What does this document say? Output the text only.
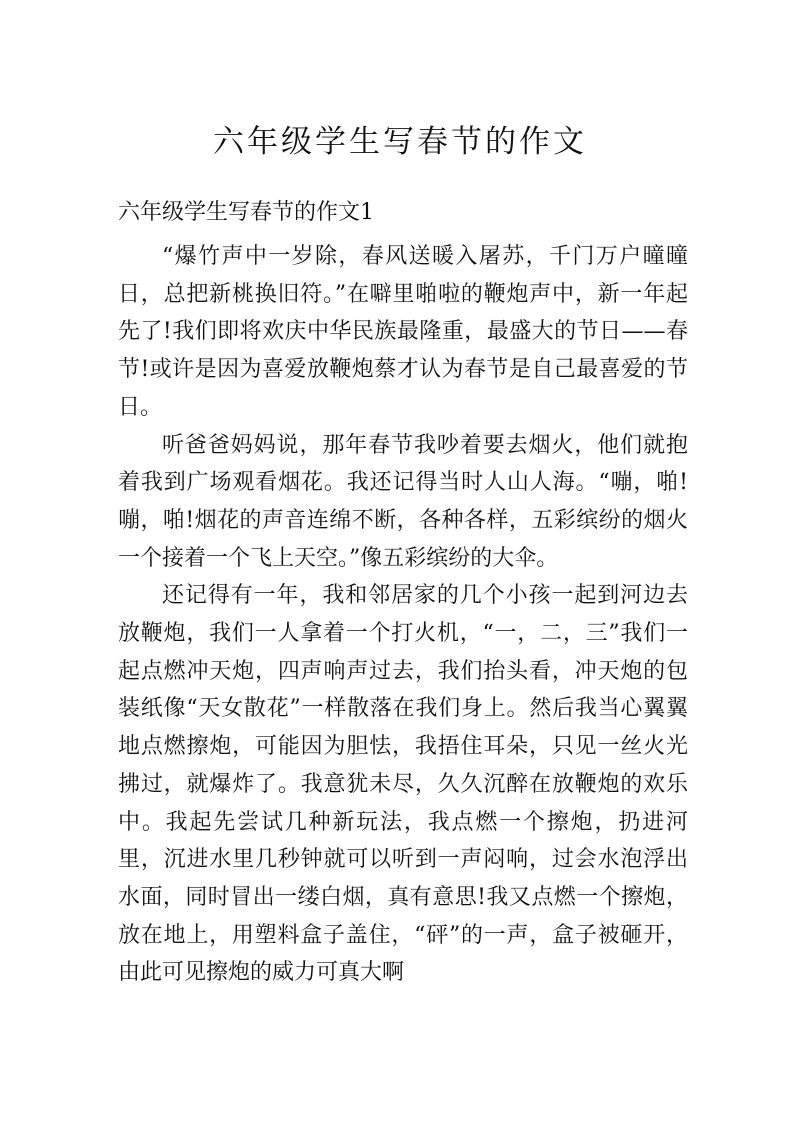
六年级学生写春节的作文
六年级学生写春节的作文1

“爆竹声中一岁除，春风送暖入屠苏，千门万户曈曈日，总把新桃换旧符。”在噼里啪啦的鞭炮声中，新一年起先了!我们即将欢庆中华民族最隆重，最盛大的节日——春节!或许是因为喜爱放鞭炮蔡才认为春节是自己最喜爱的节日。

听爸爸妈妈说，那年春节我吵着要去烟火，他们就抱着我到广场观看烟花。我还记得当时人山人海。“嘣，啪!嘣，啪!烟花的声音连绵不断，各种各样，五彩缤纷的烟火一个接着一个飞上天空。”像五彩缤纷的大伞。

还记得有一年，我和邻居家的几个小孩一起到河边去放鞭炮，我们一人拿着一个打火机，“一，二，三”我们一起点燃冲天炮，四声响声过去，我们抬头看，冲天炮的包装纸像“天女散花”一样散落在我们身上。然后我当心翼翼地点燃擦炮，可能因为胆怯，我捂住耳朵，只见一丝火光拂过，就爆炸了。我意犹未尽，久久沉醉在放鞭炮的欢乐中。我起先尝试几种新玩法，我点燃一个擦炮，扔进河里，沉进水里几秒钟就可以听到一声闷响，过会水泡浮出水面，同时冒出一缕白烟，真有意思!我又点燃一个擦炮，放在地上，用塑料盒子盖住，“砰”的一声，盒子被砸开，由此可见擦炮的威力可真大啊
